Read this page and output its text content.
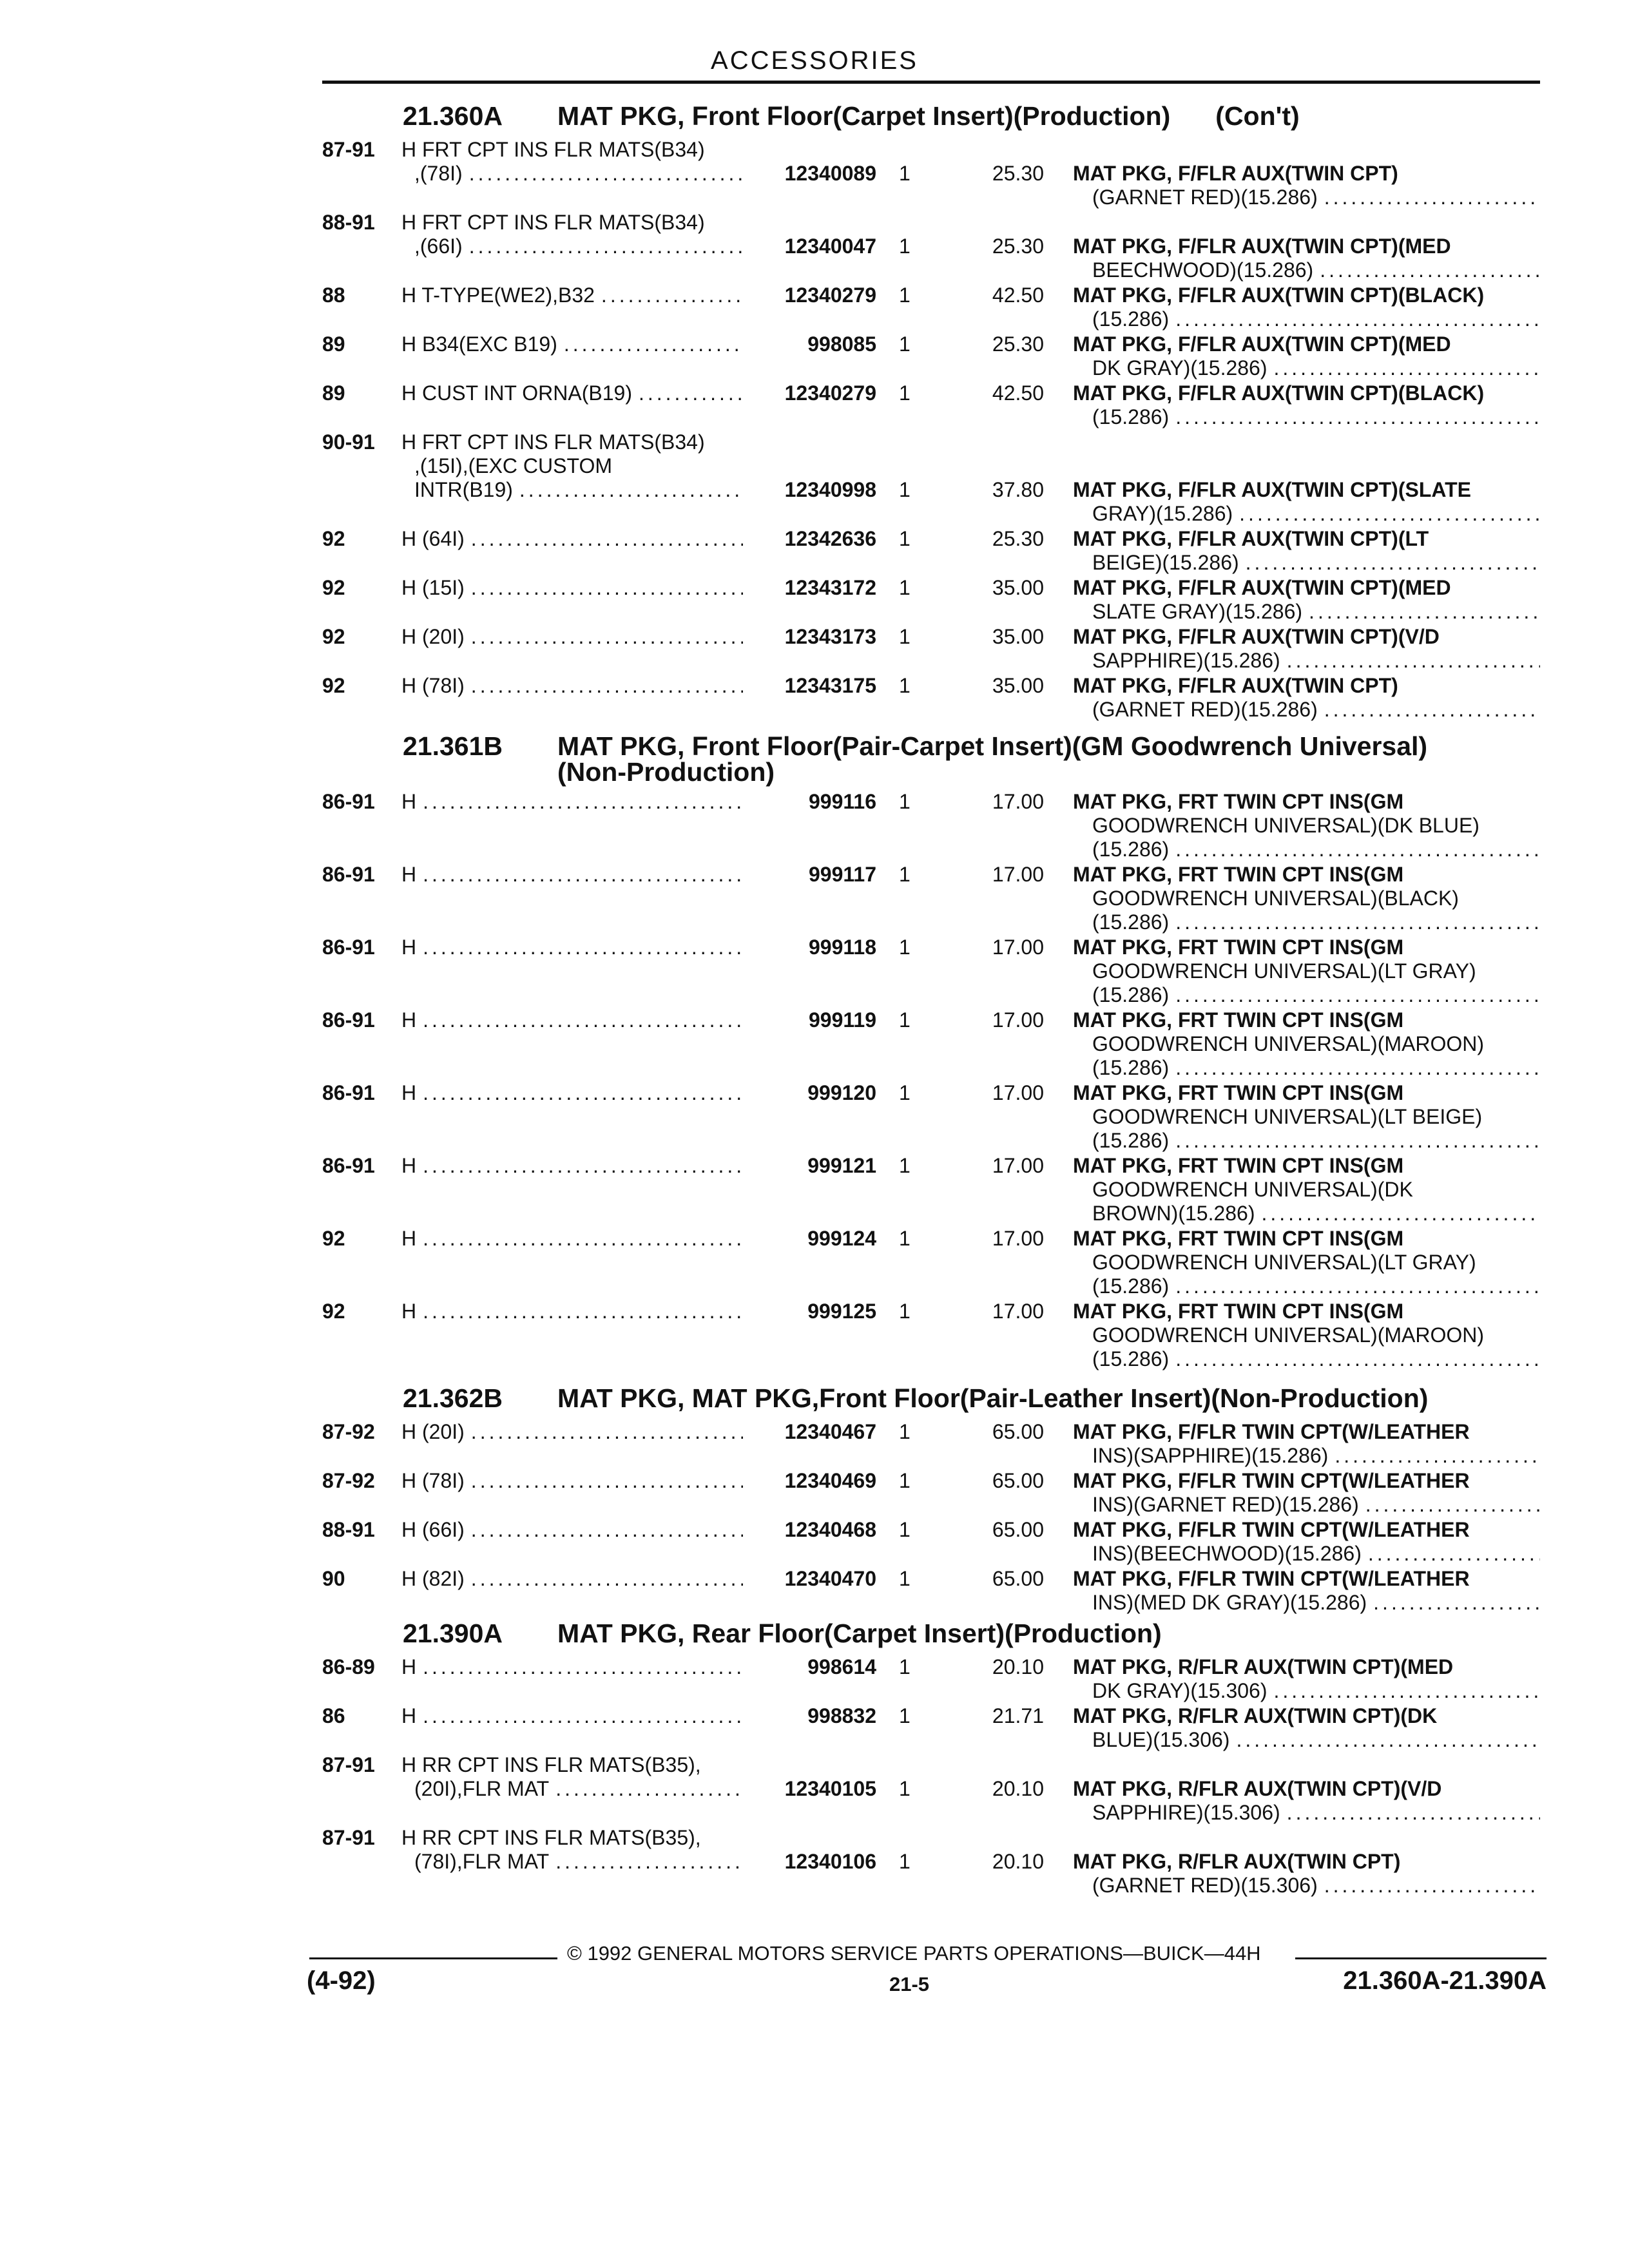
ACCESSORIES
21.360A MAT PKG, Front Floor(Carpet Insert)(Production) (Con't)
87-91 H FRT CPT INS FLR MATS(B34)
,(78I) .....	12340089 1	25.30 MAT PKG, F/FLR AUX(TWIN CPT)
(GARNET RED)(15.286)
.....
88-91 H FRT CPT INS FLR MATS(B34)
,(66I) .....	12340047 1	25.30 MAT PKG, F/FLR AUX(TWIN CPT)(MED
BEECHWOOD)(15.286)
.....
88	H T-TYPE(WE2),B32 .....	12340279 1	42.50 MAT PKG, F/FLR AUX(TWIN CPT)(BLACK)
(15.286)
.....
89	H B34(EXC B19) .....	998085 1	25.30 MAT PKG, F/FLR AUX(TWIN CPT)(MED
DK GRAY)(15.286)
.....
89	H CUST INT ORNA(B19) .....	12340279 1	42.50 MAT PKG, F/FLR AUX(TWIN CPT)(BLACK)
(15.286)
.....
90-91 H FRT CPT INS FLR MATS(B34)
,(15I),(EXC CUSTOM
INTR(B19) .....	12340998 1	37.80 MAT PKG, F/FLR AUX(TWIN CPT)(SLATE
GRAY)(15.286)
.....
92	H (64I) .....	12342636 1	25.30 MAT PKG, F/FLR AUX(TWIN CPT)(LT
BEIGE)(15.286)
.....
92	H (15I) .....	12343172 1	35.00 MAT PKG, F/FLR AUX(TWIN CPT)(MED
SLATE GRAY)(15.286)
.....
92	H (20I) .....	12343173 1	35.00 MAT PKG, F/FLR AUX(TWIN CPT)(V/D
SAPPHIRE)(15.286)
.....
92	H (78I) .....	12343175 1	35.00 MAT PKG, F/FLR AUX(TWIN CPT)
(GARNET RED)(15.286)
.....
21.361B MAT PKG, Front Floor(Pair-Carpet Insert)(GM Goodwrench Universal)
(Non-Production)
86-91 H .....	999116 1	17.00 MAT PKG, FRT TWIN CPT INS(GM
GOODWRENCH UNIVERSAL)(DK BLUE)
(15.286)
.....
86-91 H .....	999117 1	17.00 MAT PKG, FRT TWIN CPT INS(GM
GOODWRENCH UNIVERSAL)(BLACK)
(15.286)
.....
86-91 H .....	999118 1	17.00 MAT PKG, FRT TWIN CPT INS(GM
GOODWRENCH UNIVERSAL)(LT GRAY)
(15.286)
.....
86-91 H .....	999119 1	17.00 MAT PKG, FRT TWIN CPT INS(GM
GOODWRENCH UNIVERSAL)(MAROON)
(15.286)
.....
86-91 H .....	999120 1	17.00 MAT PKG, FRT TWIN CPT INS(GM
GOODWRENCH UNIVERSAL)(LT BEIGE)
(15.286)
.....
86-91 H .....	999121 1	17.00 MAT PKG, FRT TWIN CPT INS(GM
GOODWRENCH UNIVERSAL)(DK
BROWN)(15.286)
.....
92	H .....	999124 1	17.00 MAT PKG, FRT TWIN CPT INS(GM
GOODWRENCH UNIVERSAL)(LT GRAY)
(15.286)
.....
92	H .....	999125 1	17.00 MAT PKG, FRT TWIN CPT INS(GM
GOODWRENCH UNIVERSAL)(MAROON)
(15.286)
.....
21.362B MAT PKG, MAT PKG,Front Floor(Pair-Leather Insert)(Non-Production)
87-92 H (20I) .....	12340467 1	65.00 MAT PKG, F/FLR TWIN CPT(W/LEATHER
INS)(SAPPHIRE)(15.286)
.....
87-92 H (78I) .....	12340469 1	65.00 MAT PKG, F/FLR TWIN CPT(W/LEATHER
INS)(GARNET RED)(15.286)
.....
88-91 H (66I) .....	12340468 1	65.00 MAT PKG, F/FLR TWIN CPT(W/LEATHER
INS)(BEECHWOOD)(15.286)
.....
90	H (82I) .....	12340470 1	65.00 MAT PKG, F/FLR TWIN CPT(W/LEATHER
INS)(MED DK GRAY)(15.286)
.....
21.390A MAT PKG, Rear Floor(Carpet Insert)(Production)
86-89 H .....	998614 1	20.10 MAT PKG, R/FLR AUX(TWIN CPT)(MED
DK GRAY)(15.306)
.....
86	H .....	998832 1	21.71 MAT PKG, R/FLR AUX(TWIN CPT)(DK
BLUE)(15.306)
.....
87-91 H RR CPT INS FLR MATS(B35),
(20I),FLR MAT .....	12340105 1	20.10 MAT PKG, R/FLR AUX(TWIN CPT)(V/D
SAPPHIRE)(15.306)
.....
87-91 H RR CPT INS FLR MATS(B35),
(78I),FLR MAT .....	12340106 1	20.10 MAT PKG, R/FLR AUX(TWIN CPT)
(GARNET RED)(15.306)
.....
© 1992 GENERAL MOTORS SERVICE PARTS OPERATIONS—BUICK—44H
(4-92)	21-5	21.360A-21.390A
